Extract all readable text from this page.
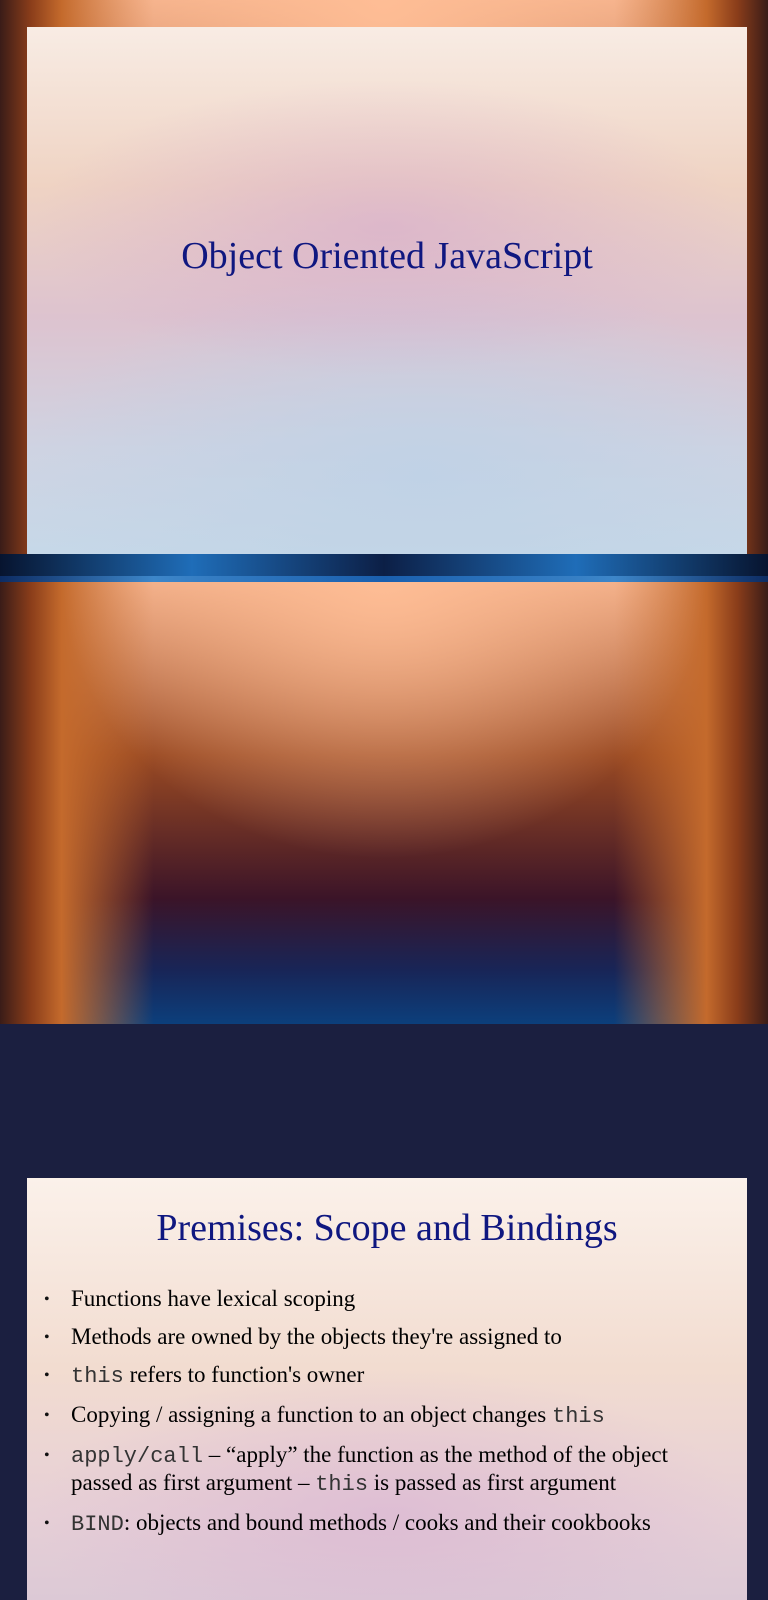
Object Oriented JavaScript
Premises: Scope and Bindings
• Functions have lexical scoping
• Methods are owned by the objects they're assigned to
• this refers to function's owner
• Copying / assigning a function to an object changes this
• apply/call – “apply” the function as the method of the object passed as first argument – this is passed as first argument
• BIND: objects and bound methods / cooks and their cookbooks
